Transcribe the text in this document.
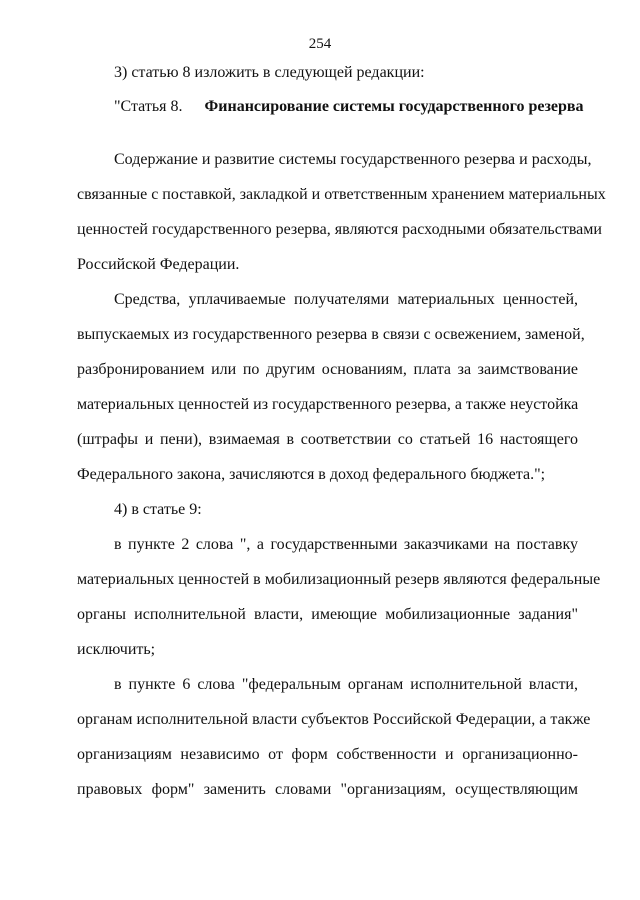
254
3) статью 8 изложить в следующей редакции:
"Статья 8. Финансирование системы государственного резерва
Содержание и развитие системы государственного резерва и расходы,
связанные с поставкой, закладкой и ответственным хранением материальных
ценностей государственного резерва, являются расходными обязательствами
Российской Федерации.
Средства, уплачиваемые получателями материальных ценностей,
выпускаемых из государственного резерва в связи с освежением, заменой,
разбронированием или по другим основаниям, плата за заимствование
материальных ценностей из государственного резерва, а также неустойка
(штрафы и пени), взимаемая в соответствии со статьей 16 настоящего
Федерального закона, зачисляются в доход федерального бюджета.";
4) в статье 9:
в пункте 2 слова ", а государственными заказчиками на поставку
материальных ценностей в мобилизационный резерв являются федеральные
органы исполнительной власти, имеющие мобилизационные задания"
исключить;
в пункте 6 слова "федеральным органам исполнительной власти,
органам исполнительной власти субъектов Российской Федерации, а также
организациям независимо от форм собственности и организационно-
правовых форм" заменить словами "организациям, осуществляющим
